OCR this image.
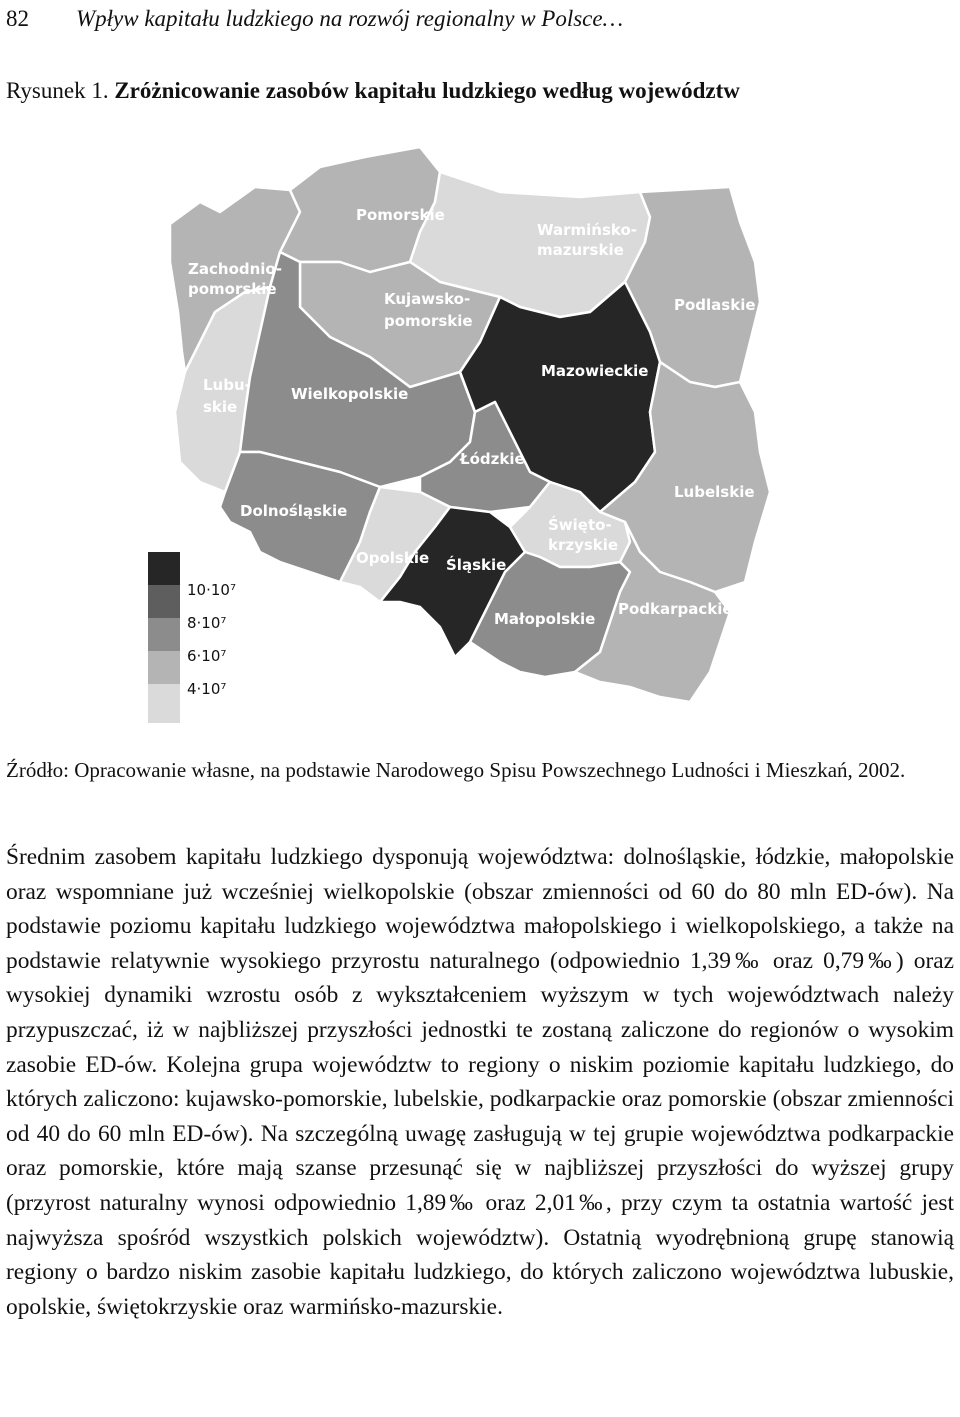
82 Wpływ kapitału ludzkiego na rozwój regionalny w Polsce…
Rysunek 1. Zróżnicowanie zasobów kapitału ludzkiego według województw
10·10⁷
8·10⁷
6·10⁷
4·10⁷
Zachodnio- pomorskie
Pomorskie
Warmińsko- mazurskie
Kujawsko- pomorskie
Podlaskie
Lubu- skie
Wielkopolskie
Mazowieckie
Łódzkie
Lubelskie
Dolnośląskie
Opolskie Śląskie
Święto- krzyskie
Małopolskie
Podkarpackie
Źródło: Opracowanie własne, na podstawie Narodowego Spisu Powszechnego Ludności i Mieszkań, 2002.
Średnim zasobem kapitału ludzkiego dysponują województwa: dolnośląskie, łódzkie, małopolskie oraz wspomniane już wcześniej wielkopolskie (obszar zmienności od 60 do 80 mln ED-ów). Na podstawie poziomu kapitału ludzkiego województwa małopolskiego i wielkopolskiego, a także na podstawie relatywnie wysokiego przyrostu naturalnego (odpowiednio 1,39‰ oraz 0,79‰) oraz wysokiej dynamiki wzrostu osób z wykształceniem wyższym w tych województwach należy przypuszczać, iż w najbliższej przyszłości jednostki te zostaną zaliczone do regionów o wysokim zasobie ED-ów. Kolejna grupa województw to regiony o niskim poziomie kapitału ludzkiego, do których zaliczono: kujawsko-pomorskie, lubelskie, podkarpackie oraz pomorskie (obszar zmienności od 40 do 60 mln ED-ów). Na szczególną uwagę zasługują w tej grupie województwa podkarpackie oraz pomorskie, które mają szanse przesunąć się w najbliższej przyszłości do wyższej grupy (przyrost naturalny wynosi odpowiednio 1,89‰ oraz 2,01‰, przy czym ta ostatnia wartość jest najwyższa spośród wszystkich polskich województw). Ostatnią wyodrębnioną grupę stanowią regiony o bardzo niskim zasobie kapitału ludzkiego, do których zaliczono województwa lubuskie, opolskie, świętokrzyskie oraz warmińsko-mazurskie.
